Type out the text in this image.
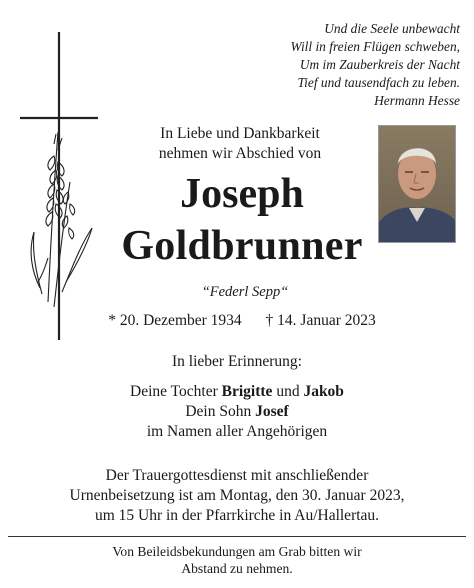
Und die Seele unbewacht
Will in freien Flügen schweben,
Um im Zauberkreis der Nacht
Tief und tausendfach zu leben.
Hermann Hesse
In Liebe und Dankbarkeit
nehmen wir Abschied von
Joseph
Goldbrunner
“Federl Sepp“
* 20. Dezember 1934 † 14. Januar 2023
In lieber Erinnerung:
Deine Tochter Brigitte und Jakob
Dein Sohn Josef
im Namen aller Angehörigen
Der Trauergottesdienst mit anschließender
Urnenbeisetzung ist am Montag, den 30. Januar 2023,
um 15 Uhr in der Pfarrkirche in Au/Hallertau.
Von Beileidsbekundungen am Grab bitten wir
Abstand zu nehmen.
